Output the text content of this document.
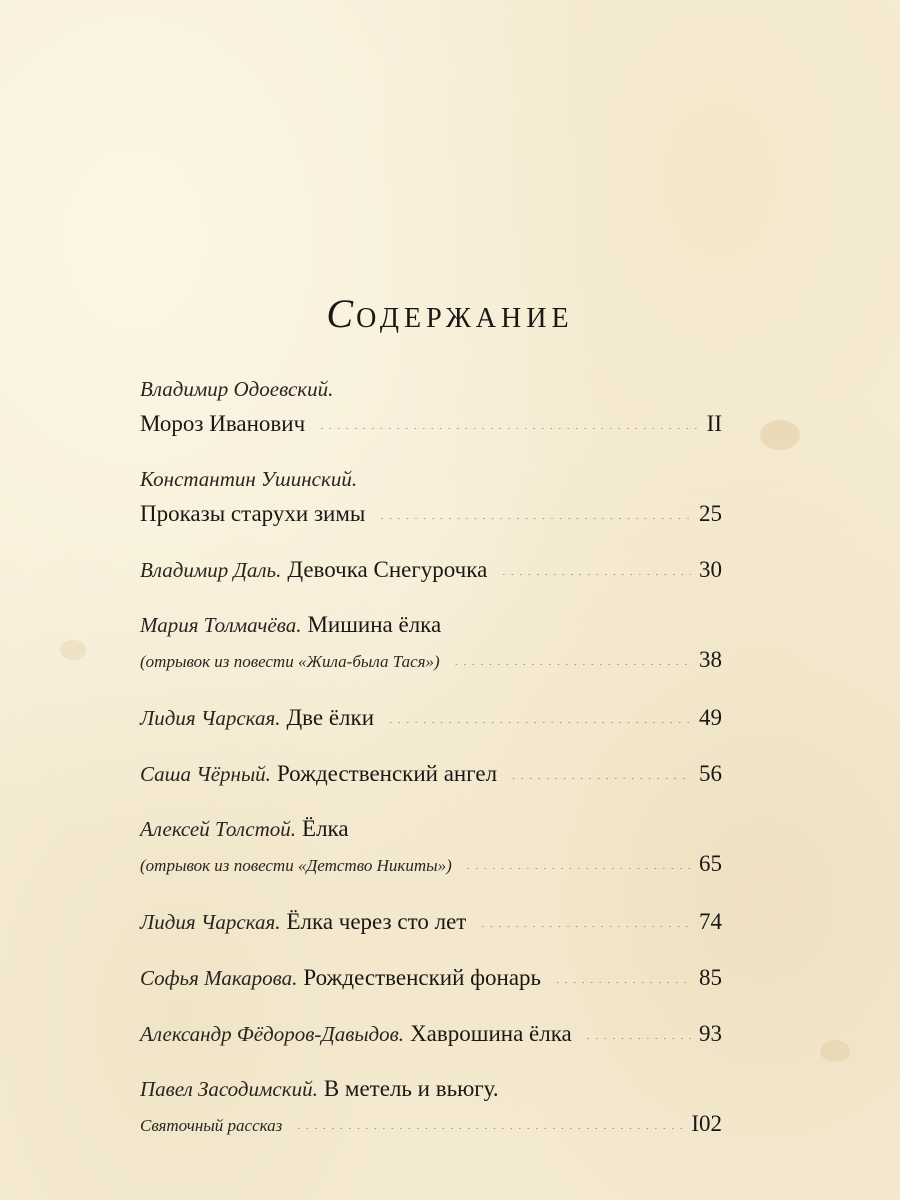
СОДЕРЖАНИЕ
Владимир Одоевский.
Мороз Иванович . . .	II
Константин Ушинский.
Проказы старухи зимы . . .	25
Владимир Даль. Девочка Снегурочка . . .	30
Мария Толмачёва. Мишина ёлка
(отрывок из повести «Жила-была Тася») . . .	38
Лидия Чарская. Две ёлки . . .	49
Саша Чёрный. Рождественский ангел . . .	56
Алексей Толстой. Ёлка
(отрывок из повести «Детство Никиты») . . .	65
Лидия Чарская. Ёлка через сто лет . . .	74
Софья Макарова. Рождественский фонарь . . .	85
Александр Фёдоров-Давыдов. Хаврошина ёлка . . .	93
Павел Засодимский. В метель и вьюгу.
Святочный рассказ . . .	I02
